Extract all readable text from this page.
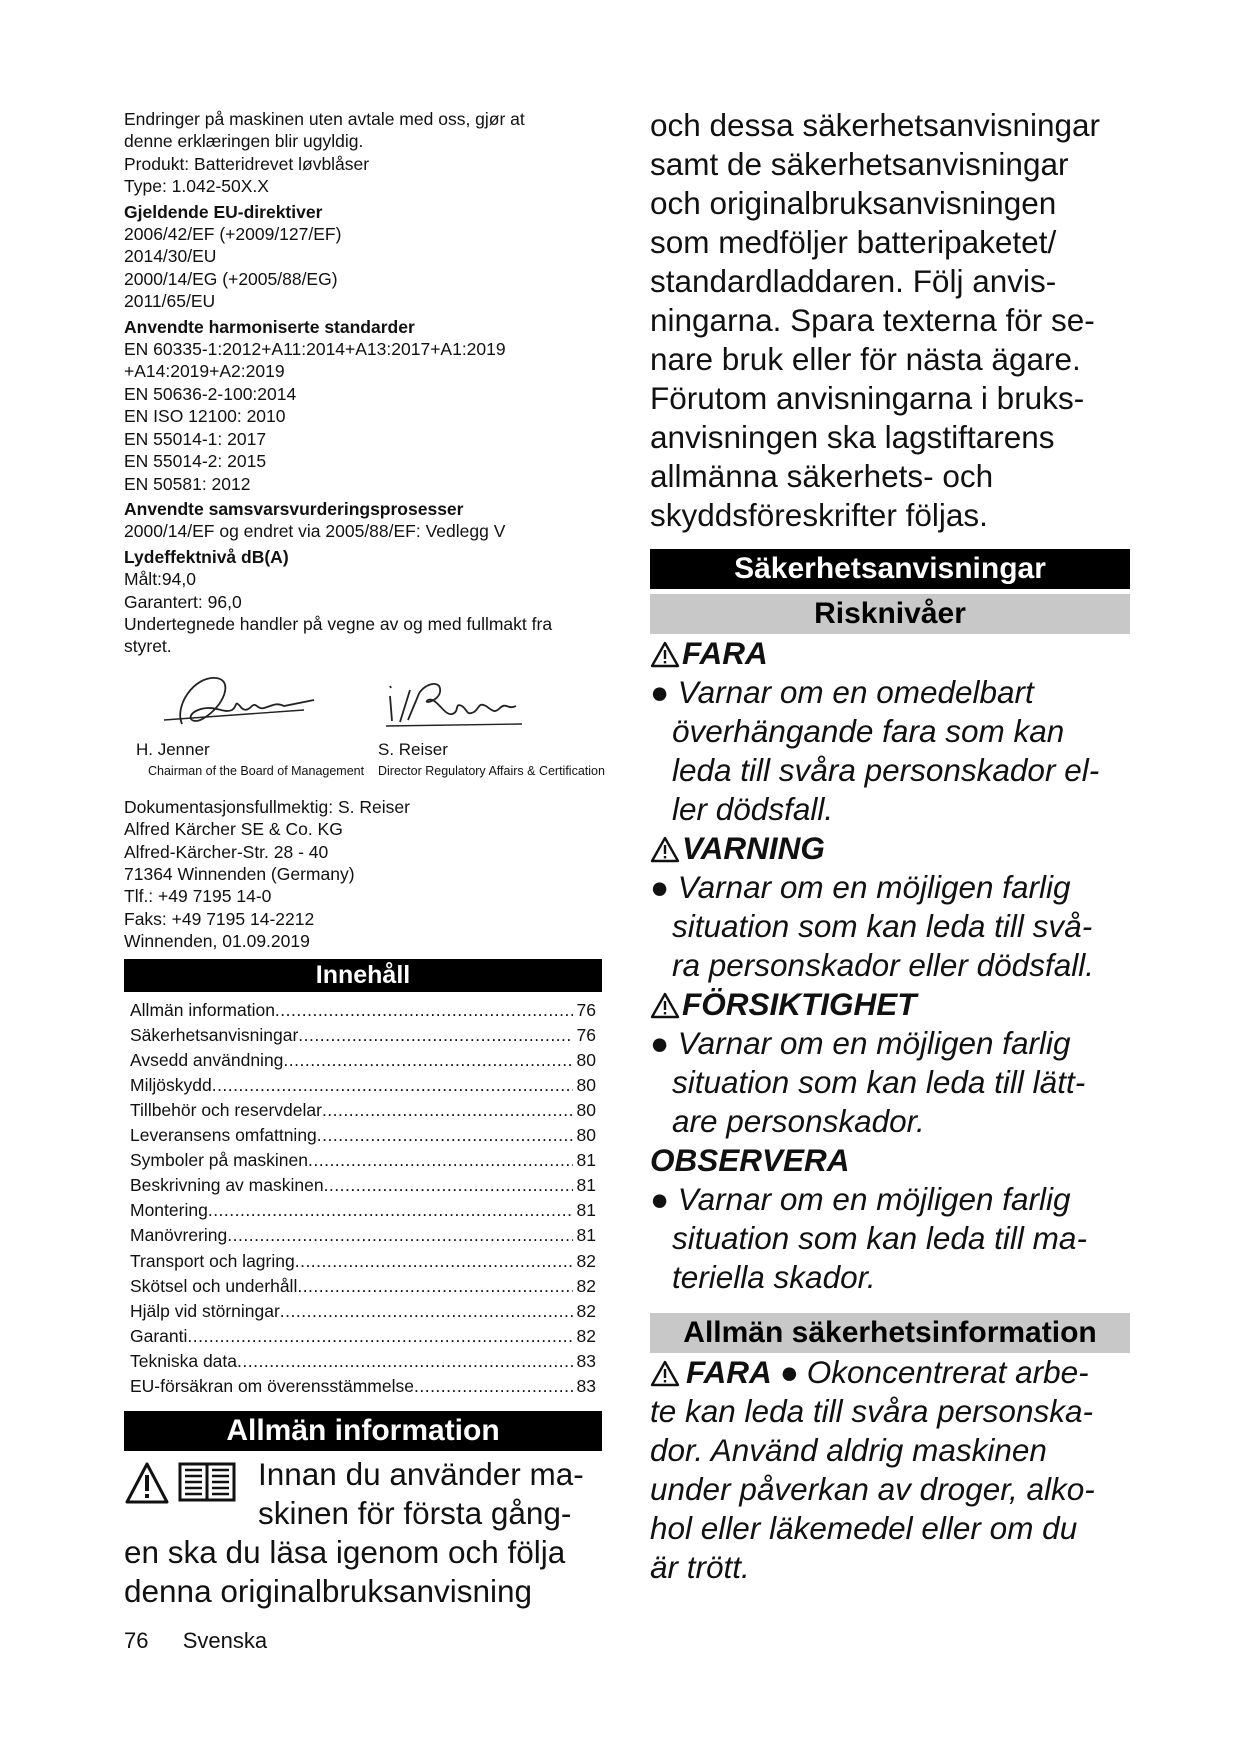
Endringer på maskinen uten avtale med oss, gjør at
denne erklæringen blir ugyldig.
Produkt: Batteridrevet løvblåser
Type: 1.042-50X.X
Gjeldende EU-direktiver
2006/42/EF (+2009/127/EF)
2014/30/EU
2000/14/EG (+2005/88/EG)
2011/65/EU
Anvendte harmoniserte standarder
EN 60335-1:2012+A11:2014+A13:2017+A1:2019
+A14:2019+A2:2019
EN 50636-2-100:2014
EN ISO 12100: 2010
EN 55014-1: 2017
EN 55014-2: 2015
EN 50581: 2012
Anvendte samsvarsvurderingsprosesser
2000/14/EF og endret via 2005/88/EF: Vedlegg V
Lydeffektnivå dB(A)
Målt:94,0
Garantert: 96,0
Undertegnede handler på vegne av og med fullmakt fra
styret.
H. Jenner
Chairman of the Board of Management
S. Reiser
Director Regulatory Affairs & Certification
Dokumentasjonsfullmektig: S. Reiser
Alfred Kärcher SE & Co. KG
Alfred-Kärcher-Str. 28 - 40
71364 Winnenden (Germany)
Tlf.: +49 7195 14-0
Faks: +49 7195 14-2212
Winnenden, 01.09.2019
Innehåll
Allmän information .....	76
Säkerhetsanvisningar .....	76
Avsedd användning .....	80
Miljöskydd .....	80
Tillbehör och reservdelar .....	80
Leveransens omfattning .....	80
Symboler på maskinen .....	81
Beskrivning av maskinen .....	81
Montering .....	81
Manövrering .....	81
Transport och lagring .....	82
Skötsel och underhåll .....	82
Hjälp vid störningar .....	82
Garanti .....	82
Tekniska data .....	83
EU-försäkran om överensstämmelse .....	83
Allmän information
Innan du använder ma-
skinen för första gång-
en ska du läsa igenom och följa
denna originalbruksanvisning
och dessa säkerhetsanvisningar
samt de säkerhetsanvisningar
och originalbruksanvisningen
som medföljer batteripaketet/
standardladdaren. Följ anvis-
ningarna. Spara texterna för se-
nare bruk eller för nästa ägare.
Förutom anvisningarna i bruks-
anvisningen ska lagstiftarens
allmänna säkerhets- och
skyddsföreskrifter följas.
Säkerhetsanvisningar
Risknivåer
FARA
● Varnar om en omedelbart
överhängande fara som kan
leda till svåra personskador el-
ler dödsfall.
VARNING
● Varnar om en möjligen farlig
situation som kan leda till svå-
ra personskador eller dödsfall.
FÖRSIKTIGHET
● Varnar om en möjligen farlig
situation som kan leda till lätt-
are personskador.
OBSERVERA
● Varnar om en möjligen farlig
situation som kan leda till ma-
teriella skador.
Allmän säkerhetsinformation
FARA ● Okoncentrerat arbe-
te kan leda till svåra personska-
dor. Använd aldrig maskinen
under påverkan av droger, alko-
hol eller läkemedel eller om du
är trött.
76 Svenska
